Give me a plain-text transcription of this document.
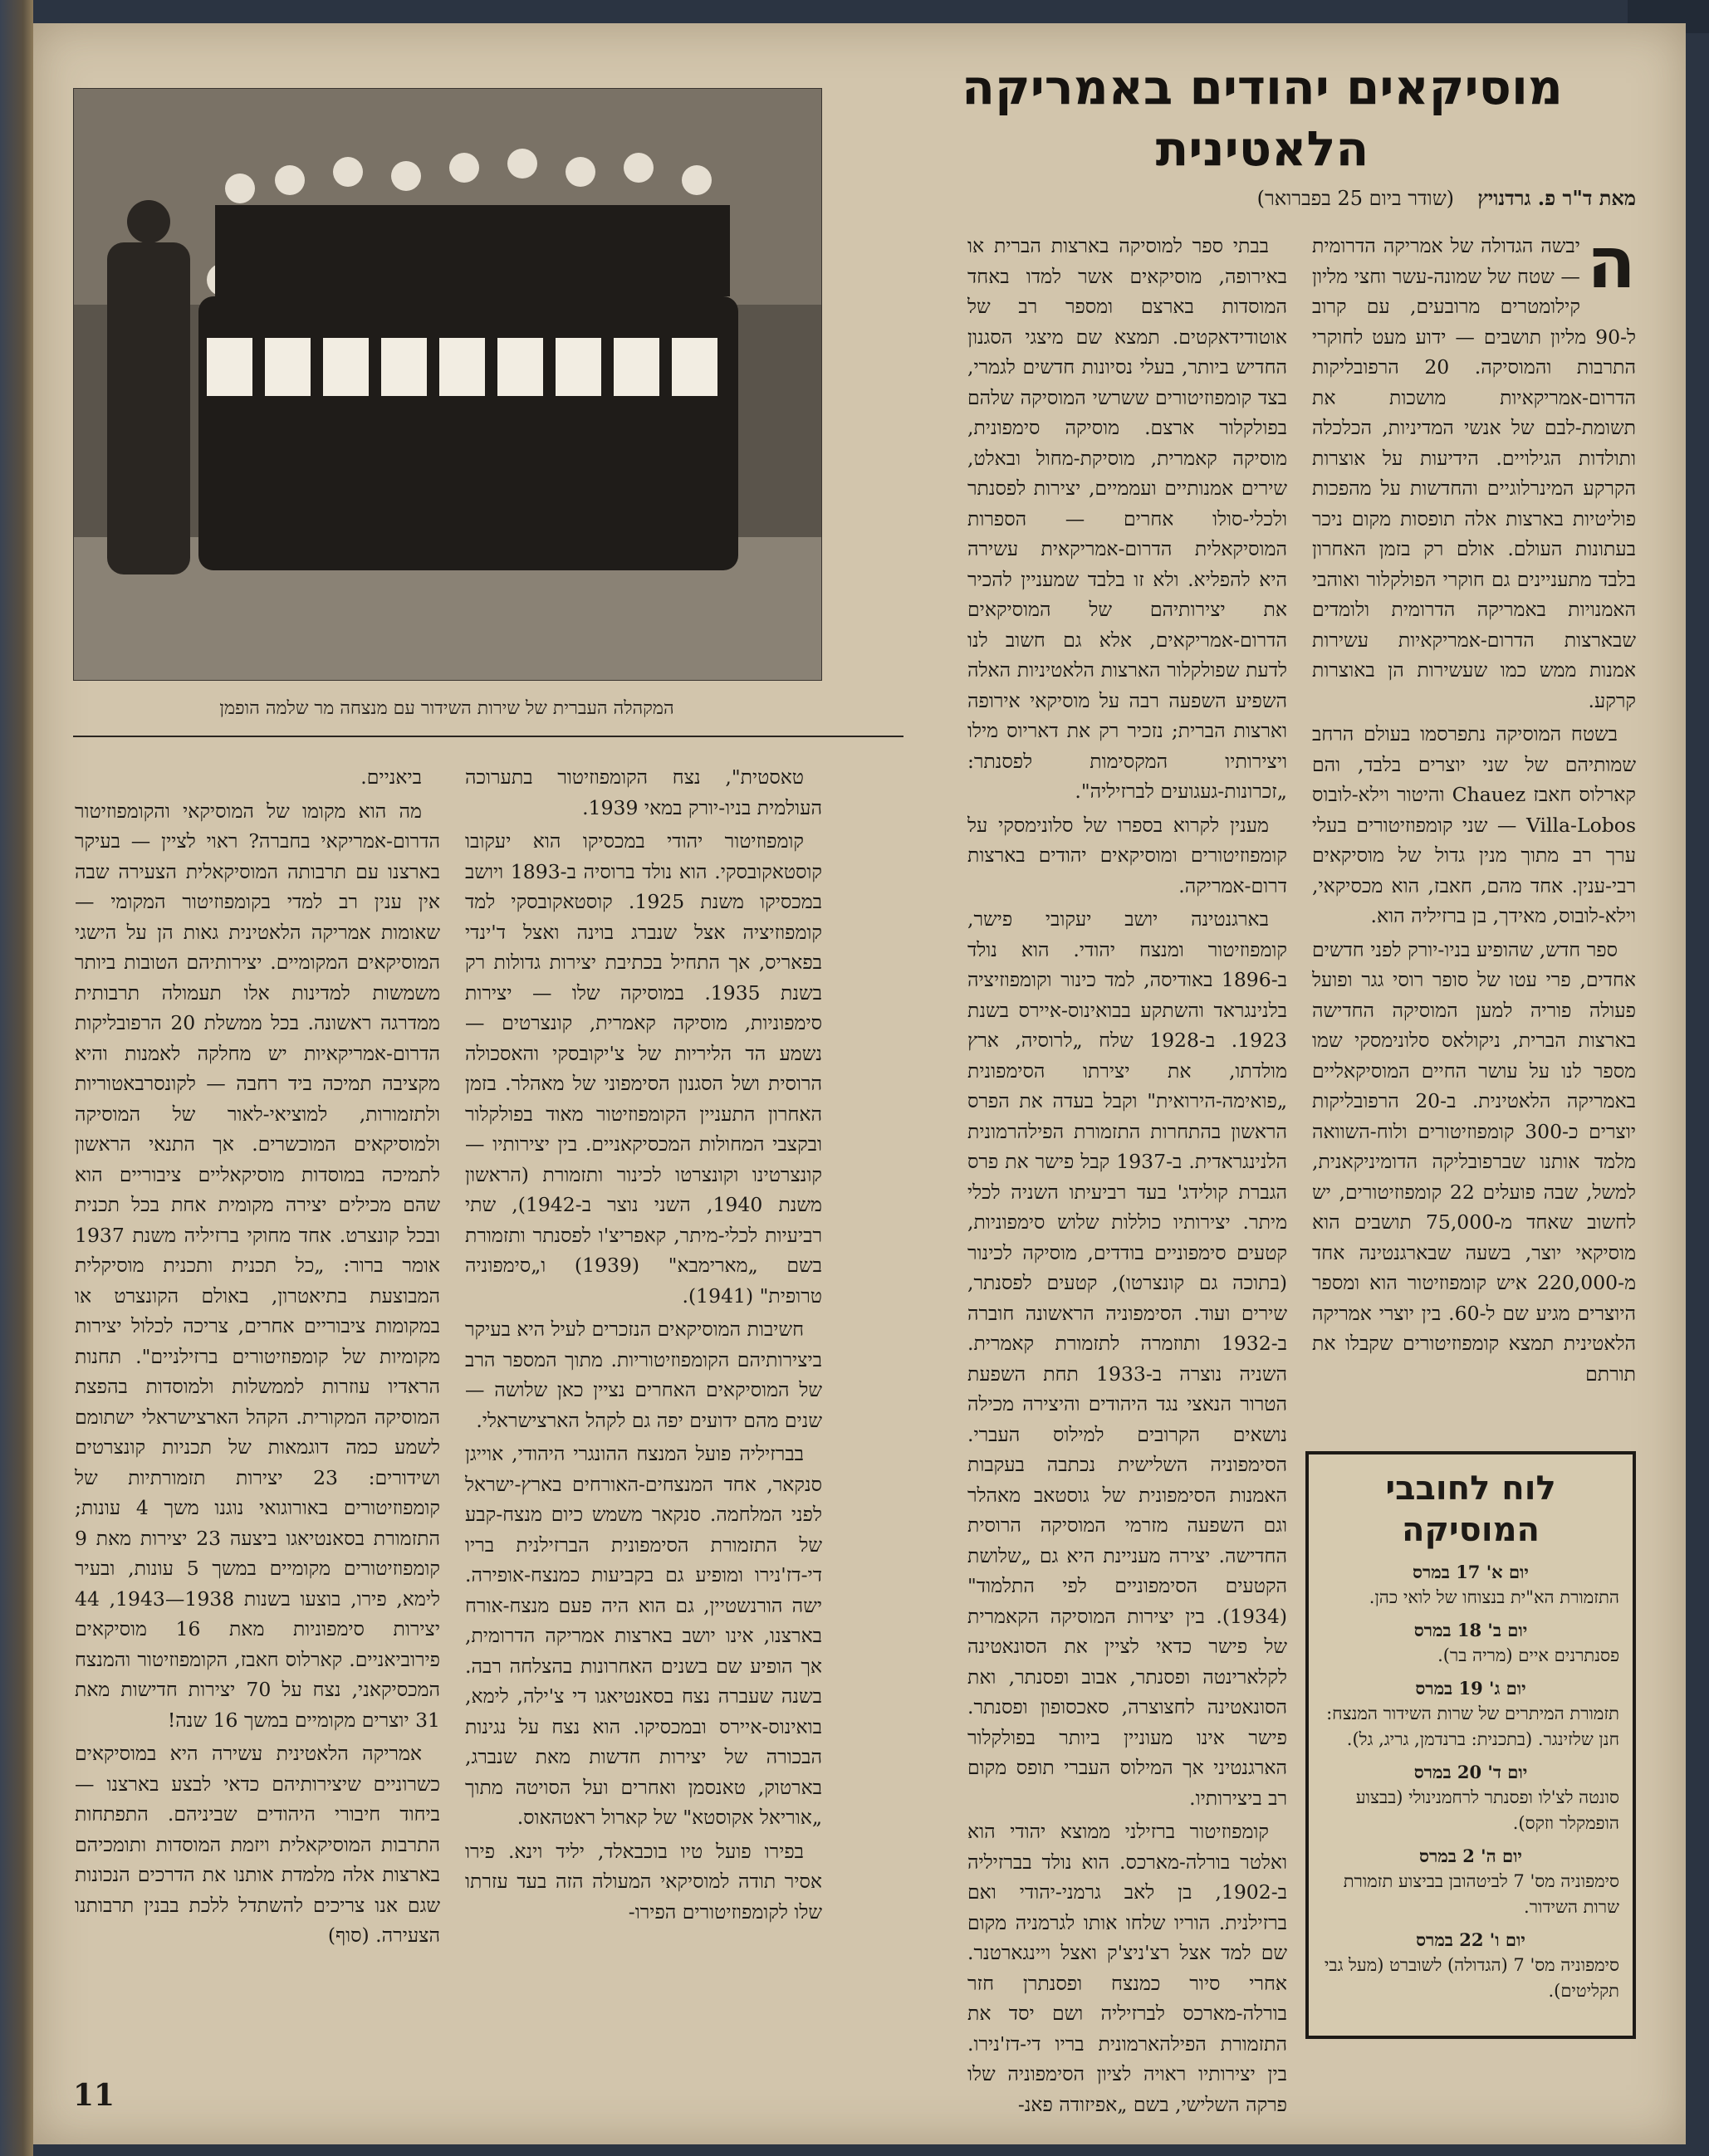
מוסיקאים יהודים באמריקה
הלאטינית
מאת ד"ר פ. גרדנויץ (שודר ביום 25 בפברואר)

ה
יבשה הגדולה של אמריקה הדרומית — שטח של שמונה-עשר וחצי מליון קילומטרים מרובעים, עם קרוב ל-90 מליון תושבים — ידוע מעט לחוקרי התרבות והמוסיקה. 20 הרפובליקות הדרום-אמריקאיות מושכות את תשומת-לבם של אנשי המדיניות, הכלכלה ותולדות הגילויים. הידיעות על אוצרות הקרקע המינרלוגיים והחדשות על מהפכות פוליטיות בארצות אלה תופסות מקום ניכר בעתונות העולם. אולם רק בזמן האחרון בלבד מתעניינים גם חוקרי הפולקלור ואוהבי האמנויות באמריקה הדרומית ולומדים שבארצות הדרום-אמריקאיות עשירות אמנות ממש כמו שעשירות הן באוצרות קרקע.

בשטח המוסיקה נתפרסמו בעולם הרחב שמותיהם של שני יוצרים בלבד, והם קארלוס חאבז Chauez והיטור וילא-לובוס Villa-Lobos — שני קומפוזיטורים בעלי ערך רב מתוך מנין גדול של מוסיקאים רבי-ענין. אחד מהם, חאבז, הוא מכסיקאי, וילא-לובוס, מאידך, בן ברזיליה הוא.

ספר חדש, שהופיע בניו-יורק לפני חדשים אחדים, פרי עטו של סופר רוסי גגר ופועל פעולה פוריה למען המוסיקה החדישה בארצות הברית, ניקולאס סלונימסקי שמו מספר לנו על עושר החיים המוסיקאליים באמריקה הלאטינית. ב-20 הרפובליקות יוצרים כ-300 קומפוזיטורים ולוח-השוואה מלמד אותנו שברפובליקה הדומיניקאנית, למשל, שבה פועלים 22 קומפוזיטורים, יש לחשוב שאחד מ-75,000 תושבים הוא מוסיקאי יוצר, בשעה שבארגנטינה אחד מ-220,000 איש קומפוזיטור הוא ומספר היוצרים מגיע שם ל-60. בין יוצרי אמריקה הלאטינית תמצא קומפוזיטורים שקבלו את תורתם

בבתי ספר למוסיקה בארצות הברית או באירופה, מוסיקאים אשר למדו באחד המוסדות בארצם ומספר רב של אוטודידאקטים. תמצא שם מיצגי הסגנון החדיש ביותר, בעלי נסיונות חדשים לגמרי, בצד קומפוזיטורים ששרשי המוסיקה שלהם בפולקלור ארצם. מוסיקה סימפונית, מוסיקה קאמרית, מוסיקת-מחול ובאלט, שירים אמנותיים ועממיים, יצירות לפסנתר ולכלי-סולו אחרים — הספרות המוסיקאלית הדרום-אמריקאית עשירה היא להפליא. ולא זו בלבד שמעניין להכיר את יצירותיהם של המוסיקאים הדרום-אמריקאים, אלא גם חשוב לנו לדעת שפולקלור הארצות הלאטיניות האלה השפיע השפעה רבה על מוסיקאי אירופה וארצות הברית; נזכיר רק את דאריוס מילו ויצירותיו המקסימות לפסנתר: „זכרונות-געגועים לברזיליה".

מענין לקרוא בספרו של סלונימסקי על קומפוזיטורים ומוסיקאים יהודים בארצות דרום-אמריקה.

בארגנטינה יושב יעקובי פישר, קומפוזיטור ומנצח יהודי. הוא נולד ב-1896 באודיסה, למד כינור וקומפוזיציה בלנינגראד והשתקע בבואינוס-איירס בשנת 1923. ב-1928 שלח „לרוסיה, ארץ מולדתו, את יצירתו הסימפונית „פואימה-הירואית" וקבל בעדה את הפרס הראשון בהתחרות התזמורת הפילהרמונית הלנינגראדית. ב-1937 קבל פישר את פרס הגברת קולידג' בעד רביעיתו השניה לכלי מיתר. יצירותיו כוללות שלוש סימפוניות, קטעים סימפוניים בודדים, מוסיקה לכינור (בתוכה גם קונצרטו), קטעים לפסנתר, שירים ועוד. הסימפוניה הראשונה חוברה ב-1932 ותוזמרה לתזמורת קאמרית. השניה נוצרה ב-1933 תחת השפעת הטרור הנאצי נגד היהודים והיצירה מכילה נושאים הקרובים למילוס העברי. הסימפוניה השלישית נכתבה בעקבות האמנות הסימפונית של גוסטאב מאהלר וגם השפעה מזרמי המוסיקה הרוסית החדישה. יצירה מעניינת היא גם „שלושת הקטעים הסימפוניים לפי התלמוד" (1934). בין יצירות המוסיקה הקאמרית של פישר כדאי לציין את הסונאטינה לקלארינטה ופסנתר, אבוב ופסנתר, ואת הסונאטינה לחצוצרה, סאכסופון ופסנתר. פישר אינו מעוניין ביותר בפולקלור הארגנטיני אך המילוס העברי תופס מקום רב ביצירותיו.

קומפוזיטור ברזילני ממוצא יהודי הוא ואלטר בורלה-מארכס. הוא נולד בברזיליה ב-1902, בן לאב גרמני-יהודי ואם ברזילנית. הוריו שלחו אותו לגרמניה מקום שם למד אצל רצ'ניצ'ק ואצל ויינגארטנר. אחרי סיור כמנצח ופסנתרן חזר בורלה-מארכס לברזיליה ושם יסד את התזמורת הפילהארמונית בריו די-דז'נירו. בין יצירותיו ראויה לציון הסימפוניה שלו פרקה השלישי, בשם „אפיזודה פאנ-

המקהלה העברית של שירות השידור עם מנצחה מר שלמה הופמן

טאסטית", נצח הקומפוזיטור בתערוכה העולמית בניו-יורק במאי 1939.

קומפוזיטור יהודי במכסיקו הוא יעקובו קוסטאקובסקי. הוא נולד ברוסיה ב-1893 ויושב במכסיקו משנת 1925. קוסטאקובסקי למד קומפוזיציה אצל שנברג בוינה ואצל ד'ינדי בפאריס, אך התחיל בכתיבת יצירות גדולות רק בשנת 1935. במוסיקה שלו — יצירות סימפוניות, מוסיקה קאמרית, קונצרטים — נשמע הד הליריות של צ'יקובסקי והאסכולה הרוסית ושל הסגנון הסימפוני של מאהלר. בזמן האחרון התעניין הקומפוזיטור מאוד בפולקלור ובקצבי המחולות המכסיקאניים. בין יצירותיו — קונצרטינו וקונצרטו לכינור ותזמורת (הראשון משנת 1940, השני נוצר ב-1942), שתי רביעיות לכלי-מיתר, קאפריצ'ו לפסנתר ותזמורת בשם „מארימבא" (1939) ו„סימפוניה טרופית" (1941).

חשיבות המוסיקאים הנזכרים לעיל היא בעיקר ביצירותיהם הקומפוזיטוריות. מתוך המספר הרב של המוסיקאים האחרים נציין כאן שלושה — שנים מהם ידועים יפה גם לקהל הארצישראלי.

בברזיליה פועל המנצח ההונגרי היהודי, אוייגן סנקאר, אחד המנצחים-האורחים בארץ-ישראל לפני המלחמה. סנקאר משמש כיום מנצח-קבע של התזמורת הסימפונית הברזילנית בריו די-דז'נירו ומופיע גם בקביעות כמנצח-אופירה. ישה הורנשטיין, גם הוא היה פעם מנצח-אורח בארצנו, אינו יושב בארצות אמריקה הדרומית, אך הופיע שם בשנים האחרונות בהצלחה רבה. בשנה שעברה נצח בסאנטיאגו די צ'ילה, לימא, בואינוס-איירס ובמכסיקו. הוא נצח על נגינות הבכורה של יצירות חדשות מאת שנברג, בארטוק, טאנסמן ואחרים ועל הסויטה מתוך „אוריאל אקוסטא" של קארול ראטהאוס.

בפירו פועל טיו בוכבאלד, יליד וינא. פירו אסיר תודה למוסיקאי המעולה הזה בעד עזרתו שלו לקומפוזיטורים הפירו-

ביאניים.

מה הוא מקומו של המוסיקאי והקומפוזיטור הדרום-אמריקאי בחברה? ראוי לציין — בעיקר בארצנו עם תרבותה המוסיקאלית הצעירה שבה אין ענין רב למדי בקומפוזיטור המקומי — שאומות אמריקה הלאטינית גאות הן על הישגי המוסיקאים המקומיים. יצירותיהם הטובות ביותר משמשות למדינות אלו תעמולה תרבותית ממדרגה ראשונה. בכל ממשלת 20 הרפובליקות הדרום-אמריקאיות יש מחלקה לאמנות והיא מקציבה תמיכה ביד רחבה — לקונסרבאטוריות ולתזמורות, למוציאי-לאור של המוסיקה ולמוסיקאים המוכשרים. אך התנאי הראשון לתמיכה במוסדות מוסיקאליים ציבוריים הוא שהם מכילים יצירה מקומית אחת בכל תכנית ובכל קונצרט. אחד מחוקי ברזיליה משנת 1937 אומר ברור: „כל תכנית ותכנית מוסיקלית המבוצעת בתיאטרון, באולם הקונצרט או במקומות ציבוריים אחרים, צריכה לכלול יצירות מקומיות של קומפוזיטורים ברזילניים". תחנות הראדיו עוזרות לממשלות ולמוסדות בהפצת המוסיקה המקורית. הקהל הארצישראלי ישתומם לשמע כמה דוגמאות של תכניות קונצרטים ושידורים: 23 יצירות תזמורתיות של קומפוזיטורים באורוגואי נוגנו משך 4 עונות; התזמורת בסאנטיאגו ביצעה 23 יצירות מאת 9 קומפוזיטורים מקומיים במשך 5 עונות, ובעיר לימא, פירו, בוצעו בשנות 1938—1943, 44 יצירות סימפוניות מאת 16 מוסיקאים פירוביאניים. קארלוס חאבז, הקומפוזיטור והמנצח המכסיקאני, נצח על 70 יצירות חדישות מאת 31 יוצרים מקומיים במשך 16 שנה!

אמריקה הלאטינית עשירה היא במוסיקאים כשרוניים שיצירותיהם כדאי לבצע בארצנו — ביחוד חיבורי היהודים שביניהם. התפתחות התרבות המוסיקאלית ויזמת המוסדות ותומכיהם בארצות אלה מלמדת אותנו את הדרכים הנכונות שגם אנו צריכים להשתדל ללכת בבנין תרבותנו הצעירה. (סוף)

לוח לחובבי המוסיקה
יום א' 17 במרס
התזמורת הא"ית בנצוחו של לואי כהן.
יום ב' 18 במרס
פסנתרנים איים (מריה בר).
יום ג' 19 במרס
תזמורת המיתרים של שרות השידור המנצח: חנן שלזינגר. (בתכנית: ברנדמן, גריג, גל).
יום ד' 20 במרס
סונטה לצ'לו ופסנתר לרחמנינולי (בבצוע הופמקלר וזקס).
יום ה' 2 במרס
סימפוניה מס' 7 לביטהובן בביצוע תזמורת שרות השידור.
יום ו' 22 במרס
סימפוניה מס' 7 (הגדולה) לשוברט (מעל גבי תקליטים).
11
